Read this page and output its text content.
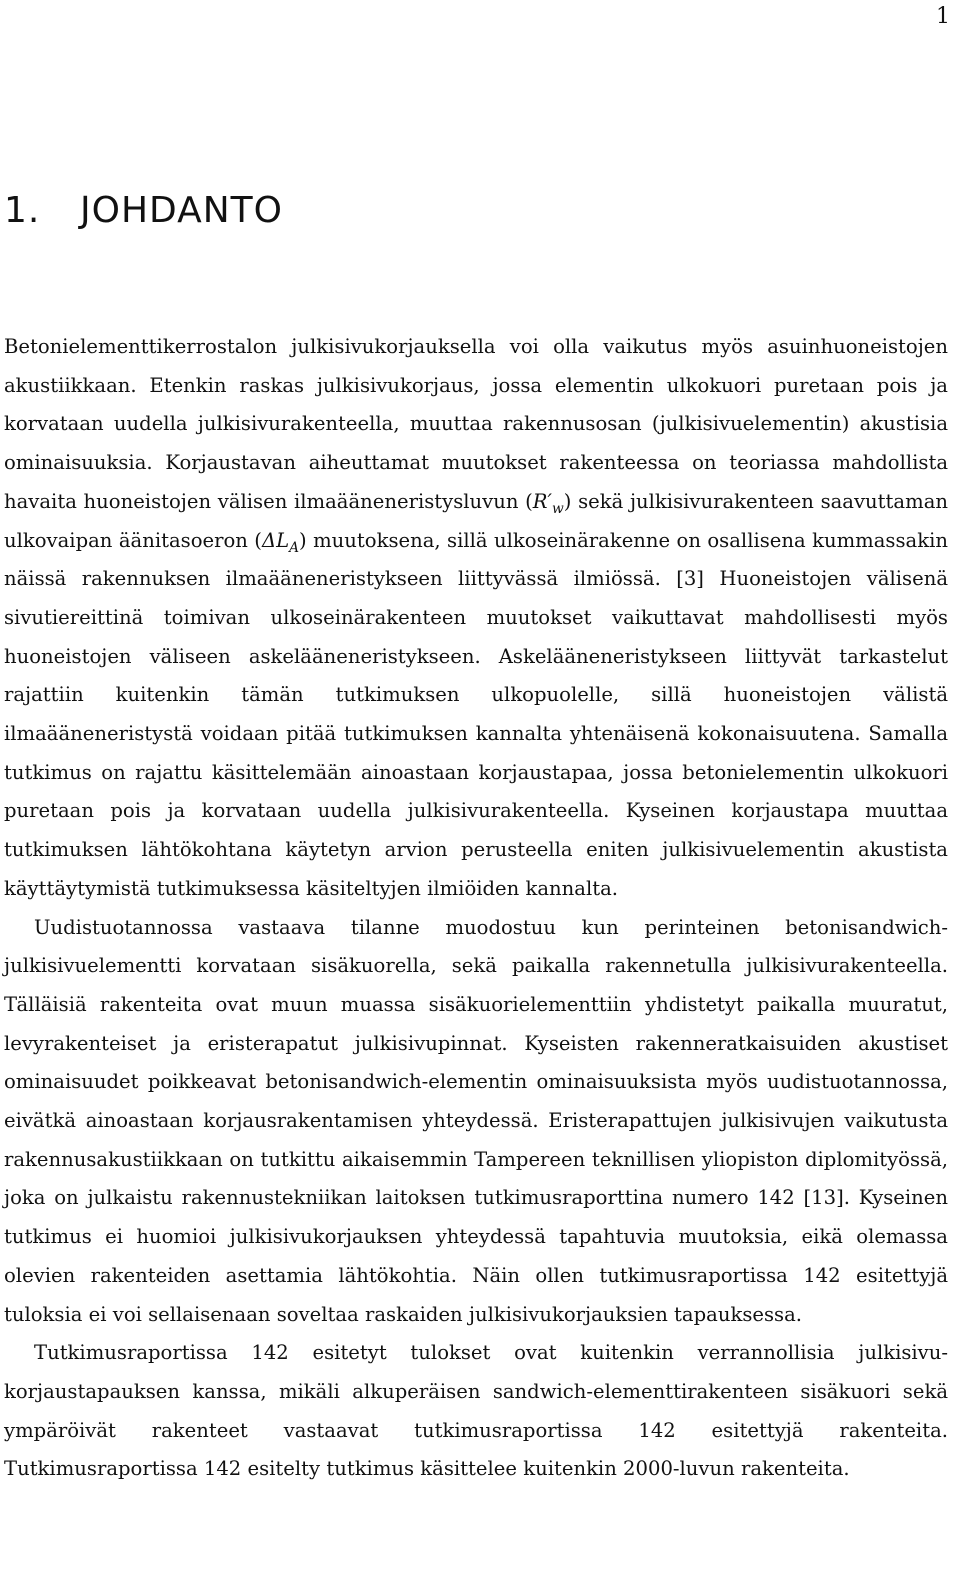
1
1. JOHDANTO

Betonielementtikerrostalon julkisivukorjauksella voi olla vaikutus myös asuinhuoneistojen akustiikkaan. Etenkin raskas julkisivukorjaus, jossa elementin ulkokuori puretaan pois ja korvataan uudella julkisivurakenteella, muuttaa rakennusosan (julkisivuelementin) akustisia ominaisuuksia. Korjaustavan aiheuttamat muutokset rakenteessa on teoriassa mahdollista havaita huoneistojen välisen ilmaääneneristysluvun $(R'_w)$ sekä julkisivurakenteen saavuttaman ulkovaipan äänitasoeron $(\Delta L_A)$ muutoksena, sillä ulkoseinärakenne on osallisena kummassakin näissä rakennuksen ilmaääneneristykseen liittyvässä ilmiössä. [3] Huoneistojen välisenä sivutiereittinä toimivan ulkoseinärakenteen muutokset vaikuttavat mahdollisesti myös huoneistojen väliseen askelääneneristykseen. Askelääneneristykseen liittyvät tarkastelut rajattiin kuitenkin tämän tutkimuksen ulkopuolelle, sillä huoneistojen välistä ilmaääneneristystä voidaan pitää tutkimuksen kannalta yhtenäisenä kokonaisuutena. Samalla tutkimus on rajattu käsittelemään ainoastaan korjaustapaa, jossa betonielementin ulkokuori puretaan pois ja korvataan uudella julkisivurakenteella. Kyseinen korjaustapa muuttaa tutkimuksen lähtökohtana käytetyn arvion perusteella eniten julkisivuelementin akustista käyttäytymistä tutkimuksessa käsiteltyjen ilmiöiden kannalta.

Uudistuotannossa vastaava tilanne muodostuu kun perinteinen betonisandwich-julkisivuelementti korvataan sisäkuorella, sekä paikalla rakennetulla julkisivurakenteella. Tälläisiä rakenteita ovat muun muassa sisäkuorielementtiin yhdistetyt paikalla muuratut, levyrakenteiset ja eristerapatut julkisivupinnat. Kyseisten rakenneratkaisuiden akustiset ominaisuudet poikkeavat betonisandwich-elementin ominaisuuksista myös uudistuotannossa, eivätkä ainoastaan korjausrakentamisen yhteydessä. Eristerapattujen julkisivujen vaikutusta rakennusakustiikkaan on tutkittu aikaisemmin Tampereen teknillisen yliopiston diplomityössä, joka on julkaistu rakennustekniikan laitoksen tutkimusraporttina numero 142 [13]. Kyseinen tutkimus ei huomioi julkisivukorjauksen yhteydessä tapahtuvia muutoksia, eikä olemassa olevien rakenteiden asettamia lähtökohtia. Näin ollen tutkimusraportissa 142 esitettyjä tuloksia ei voi sellaisenaan soveltaa raskaiden julkisivukorjauksien tapauksessa.

Tutkimusraportissa 142 esitetyt tulokset ovat kuitenkin verrannollisia julkisivukorjaustapauksen kanssa, mikäli alkuperäisen sandwich-elementtirakenteen sisäkuori sekä ympäröivät rakenteet vastaavat tutkimusraportissa 142 esitettyjä rakenteita. Tutkimusraportissa 142 esitelty tutkimus käsittelee kuitenkin 2000-luvun rakenteita.
